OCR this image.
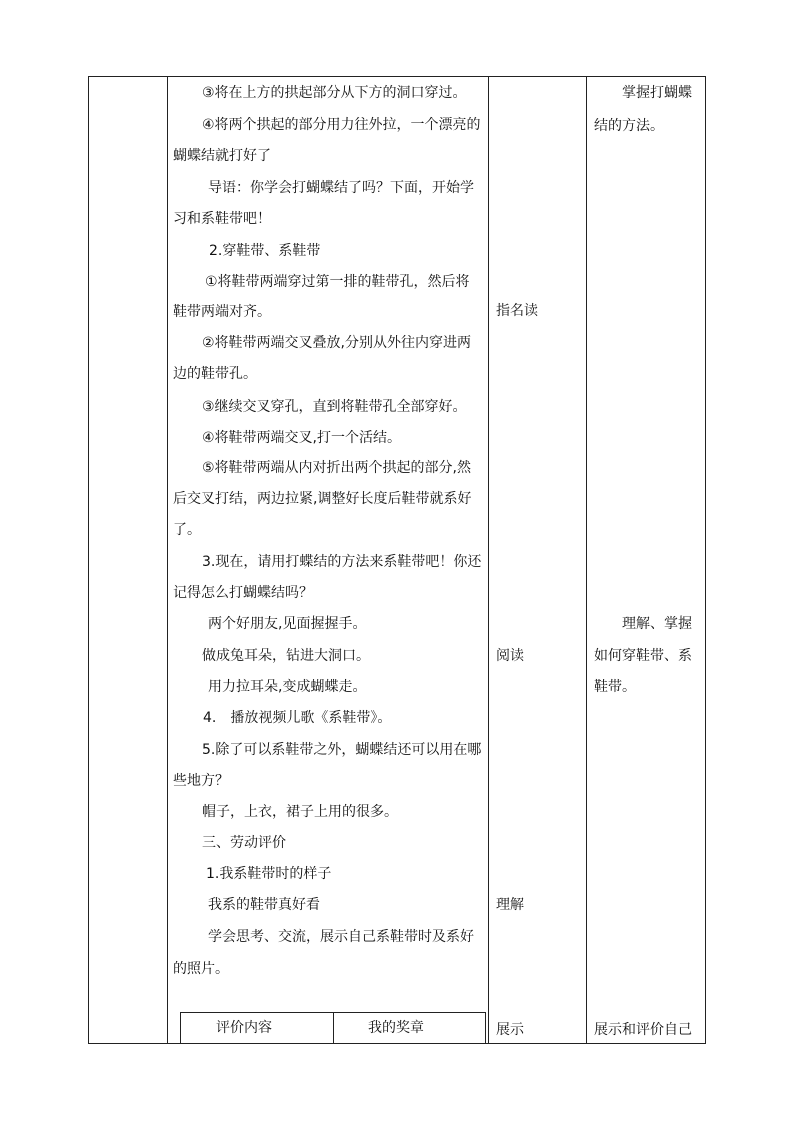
③将在上方的拱起部分从下方的洞口穿过。
④将两个拱起的部分用力往外拉，一个漂亮的
蝴蝶结就打好了
导语：你学会打蝴蝶结了吗？下面，开始学
习和系鞋带吧！
2.穿鞋带、系鞋带
①将鞋带两端穿过第一排的鞋带孔，然后将
鞋带两端对齐。
②将鞋带两端交叉叠放,分别从外往内穿进两
边的鞋带孔。
③继续交叉穿孔，直到将鞋带孔全部穿好。
④将鞋带两端交叉,打一个活结。
⑤将鞋带两端从内对折出两个拱起的部分,然
后交叉打结，两边拉紧,调整好长度后鞋带就系好
了。
3.现在，请用打蝶结的方法来系鞋带吧！你还
记得怎么打蝴蝶结吗？
两个好朋友,见面握握手。
做成兔耳朵，钻进大洞口。
用力拉耳朵,变成蝴蝶走。
4.　播放视频儿歌《系鞋带》。
5.除了可以系鞋带之外，蝴蝶结还可以用在哪
些地方？
帽子，上衣，裙子上用的很多。
三、劳动评价
1.我系鞋带时的样子
我系的鞋带真好看
学会思考、交流，展示自己系鞋带时及系好
的照片。
评价内容	我的奖章
指名读
阅读
理解
展示
掌握打蝴蝶
结的方法。
理解、掌握
如何穿鞋带、系
鞋带。
展示和评价自己
